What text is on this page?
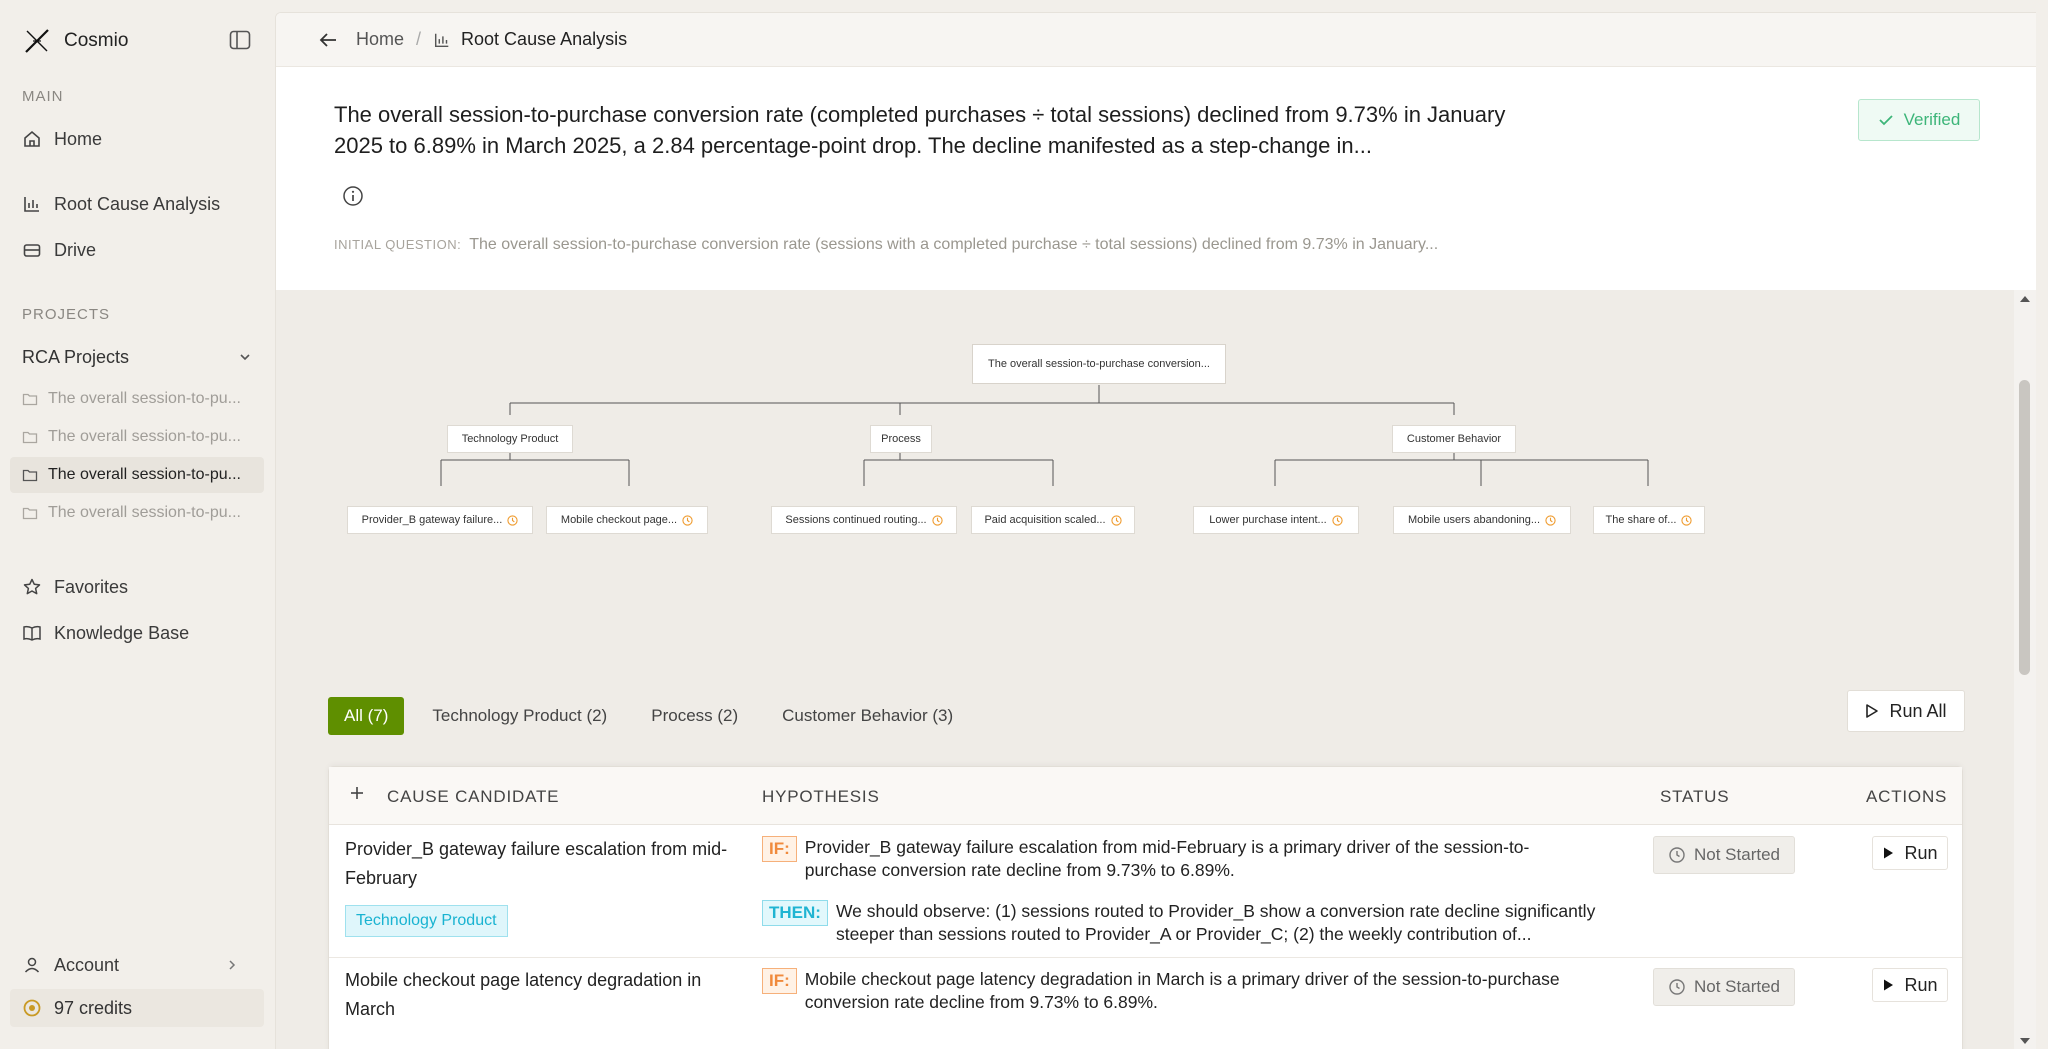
Cosmio
MAIN
Home
Root Cause Analysis
Drive
PROJECTS
RCA Projects
The overall session-to-pu...
The overall session-to-pu...
The overall session-to-pu...
The overall session-to-pu...
Favorites
Knowledge Base
Account
97 credits
Home / Root Cause Analysis
The overall session-to-purchase conversion rate (completed purchases ÷ total sessions) declined from 9.73% in January 2025 to 6.89% in March 2025, a 2.84 percentage-point drop. The decline manifested as a step-change in...
Verified
INITIAL QUESTION: The overall session-to-purchase conversion rate (sessions with a completed purchase ÷ total sessions) declined from 9.73% in January...
The overall session-to-purchase conversion...
Technology Product	Process	Customer Behavior
Provider_B gateway failure...	Mobile checkout page...	Sessions continued routing...	Paid acquisition scaled...	Lower purchase intent...	Mobile users abandoning...	The share of...
All (7)	Technology Product (2)	Process (2)	Customer Behavior (3)	Run All
CAUSE CANDIDATE	HYPOTHESIS	STATUS	ACTIONS
Provider_B gateway failure escalation from mid-February
Technology Product
IF: Provider_B gateway failure escalation from mid-February is a primary driver of the session-to-purchase conversion rate decline from 9.73% to 6.89%.
THEN: We should observe: (1) sessions routed to Provider_B show a conversion rate decline significantly steeper than sessions routed to Provider_A or Provider_C; (2) the weekly contribution of...
Not Started	Run
Mobile checkout page latency degradation in March
IF: Mobile checkout page latency degradation in March is a primary driver of the session-to-purchase conversion rate decline from 9.73% to 6.89%.
Not Started	Run
